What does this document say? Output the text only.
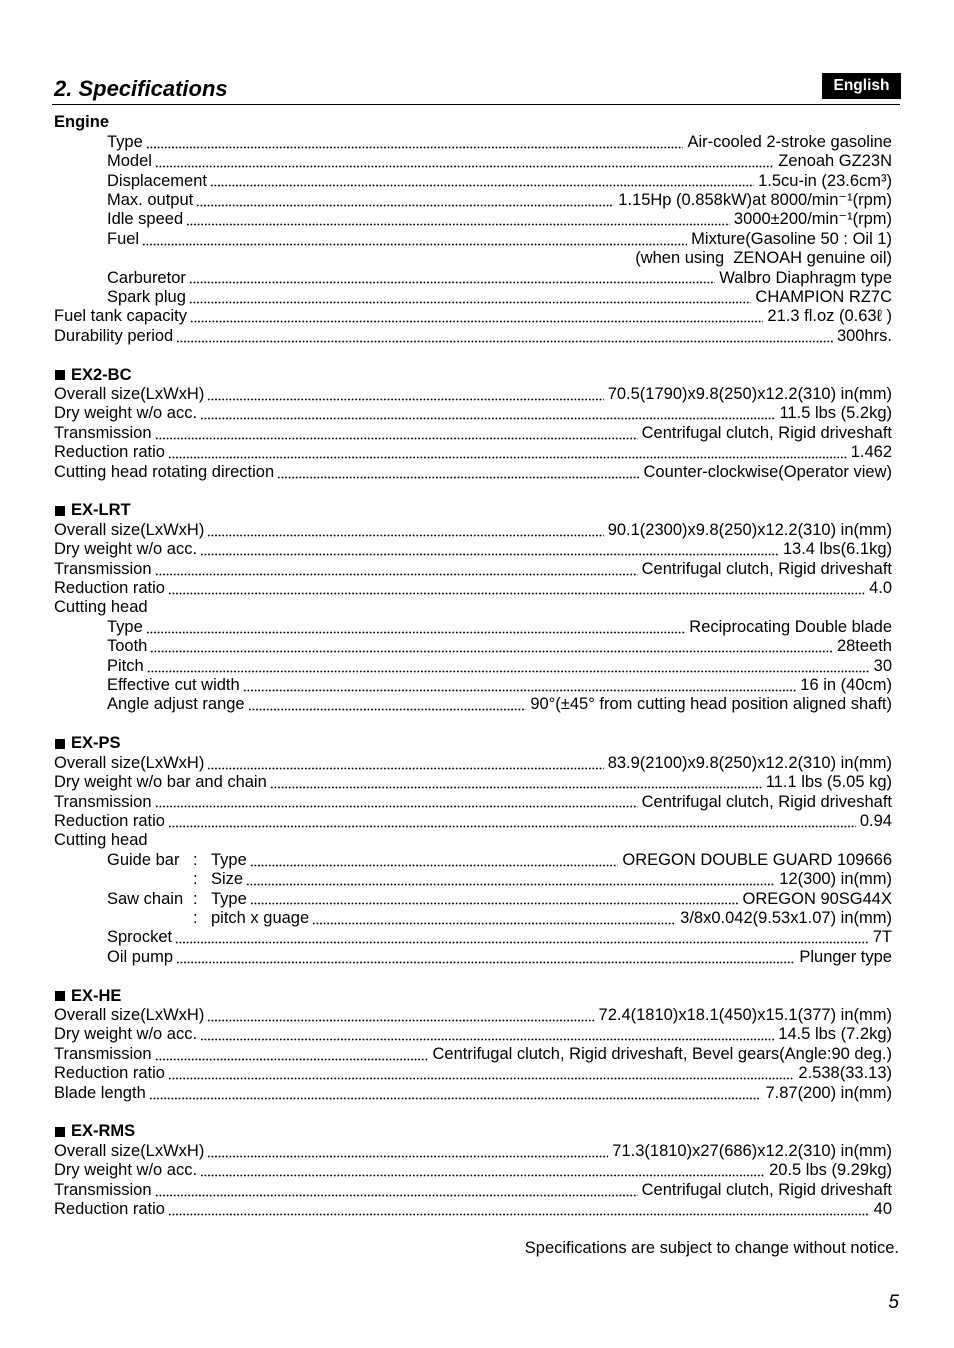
2. Specifications	English
Engine
Type	Air-cooled 2-stroke gasoline
Model	Zenoah GZ23N
Displacement	1.5cu-in (23.6cm³)
Max. output	1.15Hp (0.858kW)at 8000/min⁻¹(rpm)
Idle speed	3000±200/min⁻¹(rpm)
Fuel	Mixture(Gasoline 50 : Oil 1)
(when using  ZENOAH genuine oil)
Carburetor	Walbro Diaphragm type
Spark plug	CHAMPION RZ7C
Fuel tank capacity	21.3 fl.oz (0.63ℓ )
Durability period	300hrs.
EX2-BC
Overall size(LxWxH)	70.5(1790)x9.8(250)x12.2(310) in(mm)
Dry weight w/o acc.	11.5 lbs (5.2kg)
Transmission	Centrifugal clutch, Rigid driveshaft
Reduction ratio	1.462
Cutting head rotating direction	Counter-clockwise(Operator view)
EX-LRT
Overall size(LxWxH)	90.1(2300)x9.8(250)x12.2(310) in(mm)
Dry weight w/o acc.	13.4 lbs(6.1kg)
Transmission	Centrifugal clutch, Rigid driveshaft
Reduction ratio	4.0
Cutting head
Type	Reciprocating Double blade
Tooth	28teeth
Pitch	30
Effective cut width	16 in (40cm)
Angle adjust range	90°(±45° from cutting head position aligned shaft)
EX-PS
Overall size(LxWxH)	83.9(2100)x9.8(250)x12.2(310) in(mm)
Dry weight w/o bar and chain	11.1 lbs (5.05 kg)
Transmission	Centrifugal clutch, Rigid driveshaft
Reduction ratio	0.94
Cutting head
Guide bar : Type	OREGON DOUBLE GUARD 109666
: Size	12(300) in(mm)
Saw chain : Type	OREGON 90SG44X
: pitch x guage	3/8x0.042(9.53x1.07) in(mm)
Sprocket	7T
Oil pump	Plunger type
EX-HE
Overall size(LxWxH)	72.4(1810)x18.1(450)x15.1(377) in(mm)
Dry weight w/o acc.	14.5 lbs (7.2kg)
Transmission	Centrifugal clutch, Rigid driveshaft, Bevel gears(Angle:90 deg.)
Reduction ratio	2.538(33.13)
Blade length	7.87(200) in(mm)
EX-RMS
Overall size(LxWxH)	71.3(1810)x27(686)x12.2(310) in(mm)
Dry weight w/o acc.	20.5 lbs (9.29kg)
Transmission	Centrifugal clutch, Rigid driveshaft
Reduction ratio	40
Specifications are subject to change without notice.
5
